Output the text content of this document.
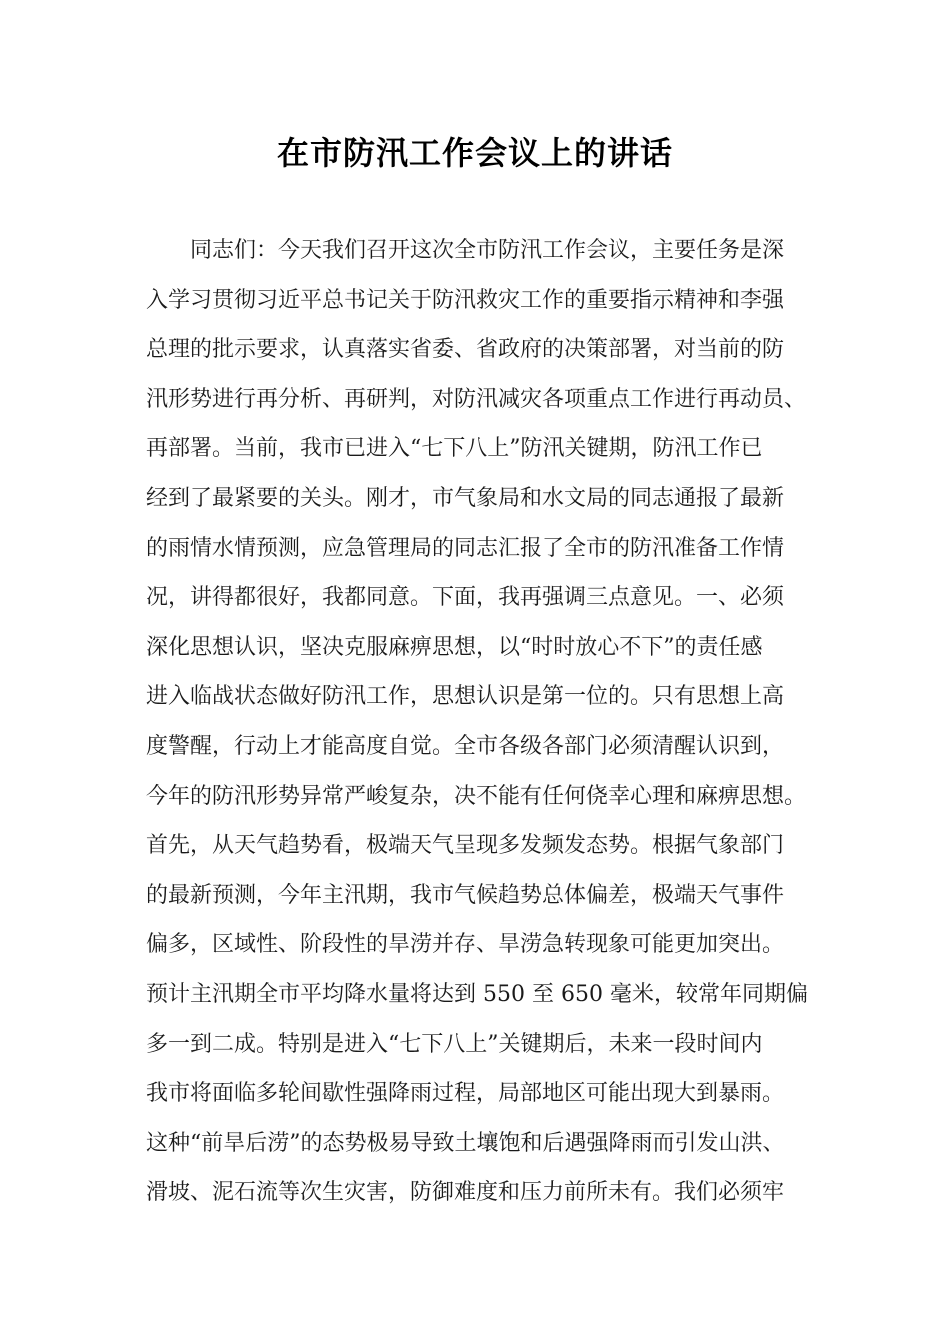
在市防汛工作会议上的讲话
同志们：今天我们召开这次全市防汛工作会议，主要任务是深
入学习贯彻习近平总书记关于防汛救灾工作的重要指示精神和李强
总理的批示要求，认真落实省委、省政府的决策部署，对当前的防
汛形势进行再分析、再研判，对防汛减灾各项重点工作进行再动员、
再部署。当前，我市已进入“七下八上”防汛关键期，防汛工作已
经到了最紧要的关头。刚才，市气象局和水文局的同志通报了最新
的雨情水情预测，应急管理局的同志汇报了全市的防汛准备工作情
况，讲得都很好，我都同意。下面，我再强调三点意见。一、必须
深化思想认识，坚决克服麻痹思想，以“时时放心不下”的责任感
进入临战状态做好防汛工作，思想认识是第一位的。只有思想上高
度警醒，行动上才能高度自觉。全市各级各部门必须清醒认识到，
今年的防汛形势异常严峻复杂，决不能有任何侥幸心理和麻痹思想。
首先，从天气趋势看，极端天气呈现多发频发态势。根据气象部门
的最新预测，今年主汛期，我市气候趋势总体偏差，极端天气事件
偏多，区域性、阶段性的旱涝并存、旱涝急转现象可能更加突出。
预计主汛期全市平均降水量将达到 550 至 650 毫米，较常年同期偏
多一到二成。特别是进入“七下八上”关键期后，未来一段时间内
我市将面临多轮间歇性强降雨过程，局部地区可能出现大到暴雨。
这种“前旱后涝”的态势极易导致土壤饱和后遇强降雨而引发山洪、
滑坡、泥石流等次生灾害，防御难度和压力前所未有。我们必须牢
